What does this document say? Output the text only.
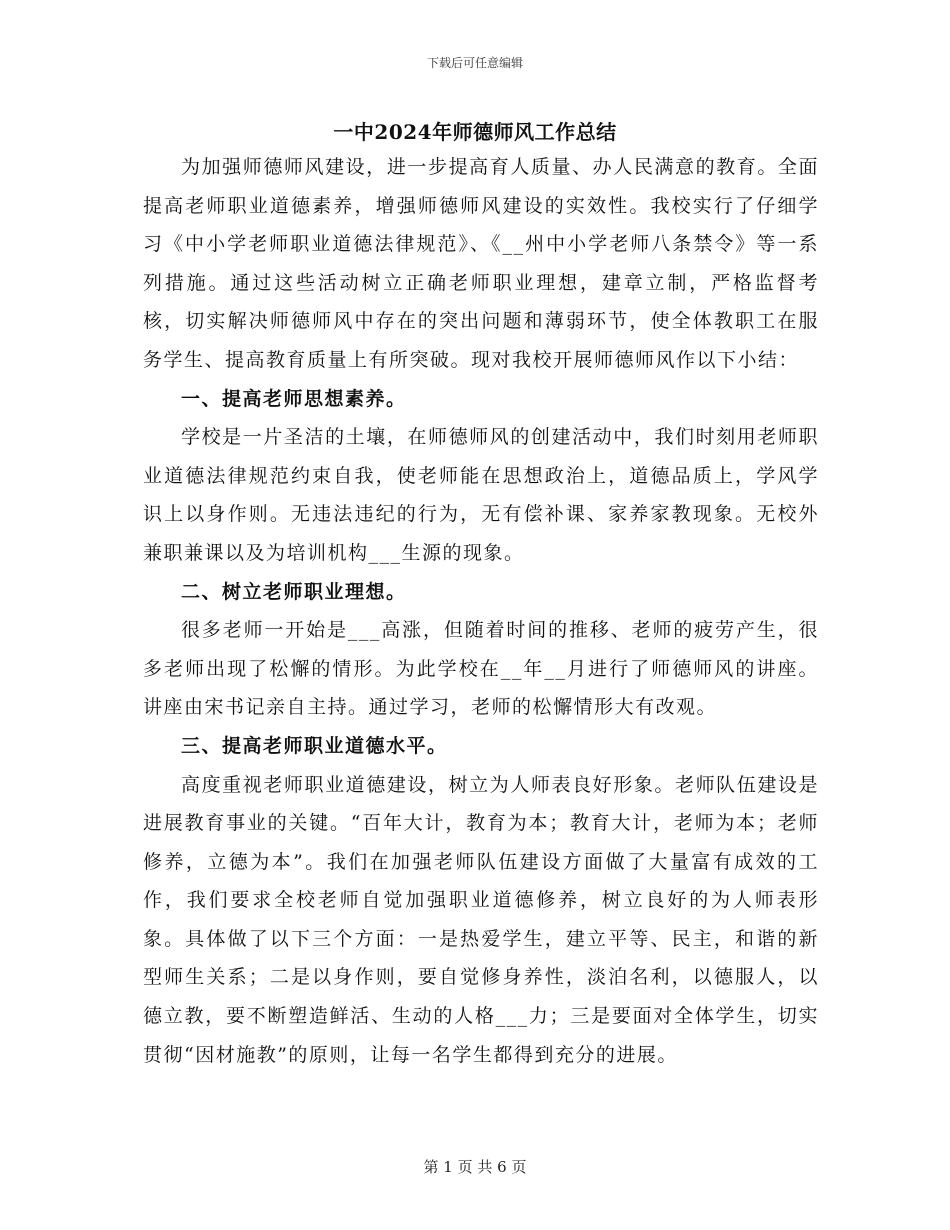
下载后可任意编辑
一中2024年师德师风工作总结

为加强师德师风建设，进一步提高育人质量、办人民满意的教育。全面提高老师职业道德素养，增强师德师风建设的实效性。我校实行了仔细学习《中小学老师职业道德法律规范》、《__州中小学老师八条禁令》等一系列措施。通过这些活动树立正确老师职业理想，建章立制，严格监督考核，切实解决师德师风中存在的突出问题和薄弱环节，使全体教职工在服务学生、提高教育质量上有所突破。现对我校开展师德师风作以下小结：

一、提高老师思想素养。

学校是一片圣洁的土壤，在师德师风的创建活动中，我们时刻用老师职业道德法律规范约束自我，使老师能在思想政治上，道德品质上，学风学识上以身作则。无违法违纪的行为，无有偿补课、家养家教现象。无校外兼职兼课以及为培训机构___生源的现象。

二、树立老师职业理想。

很多老师一开始是___高涨，但随着时间的推移、老师的疲劳产生，很多老师出现了松懈的情形。为此学校在__年__月进行了师德师风的讲座。讲座由宋书记亲自主持。通过学习，老师的松懈情形大有改观。

三、提高老师职业道德水平。

高度重视老师职业道德建设，树立为人师表良好形象。老师队伍建设是进展教育事业的关键。“百年大计，教育为本；教育大计，老师为本；老师修养，立德为本”。我们在加强老师队伍建设方面做了大量富有成效的工作，我们要求全校老师自觉加强职业道德修养，树立良好的为人师表形象。具体做了以下三个方面：一是热爱学生，建立平等、民主，和谐的新型师生关系；二是以身作则，要自觉修身养性，淡泊名利，以德服人，以德立教，要不断塑造鲜活、生动的人格___力；三是要面对全体学生，切实贯彻“因材施教”的原则，让每一名学生都得到充分的进展。

第 1 页 共 6 页
